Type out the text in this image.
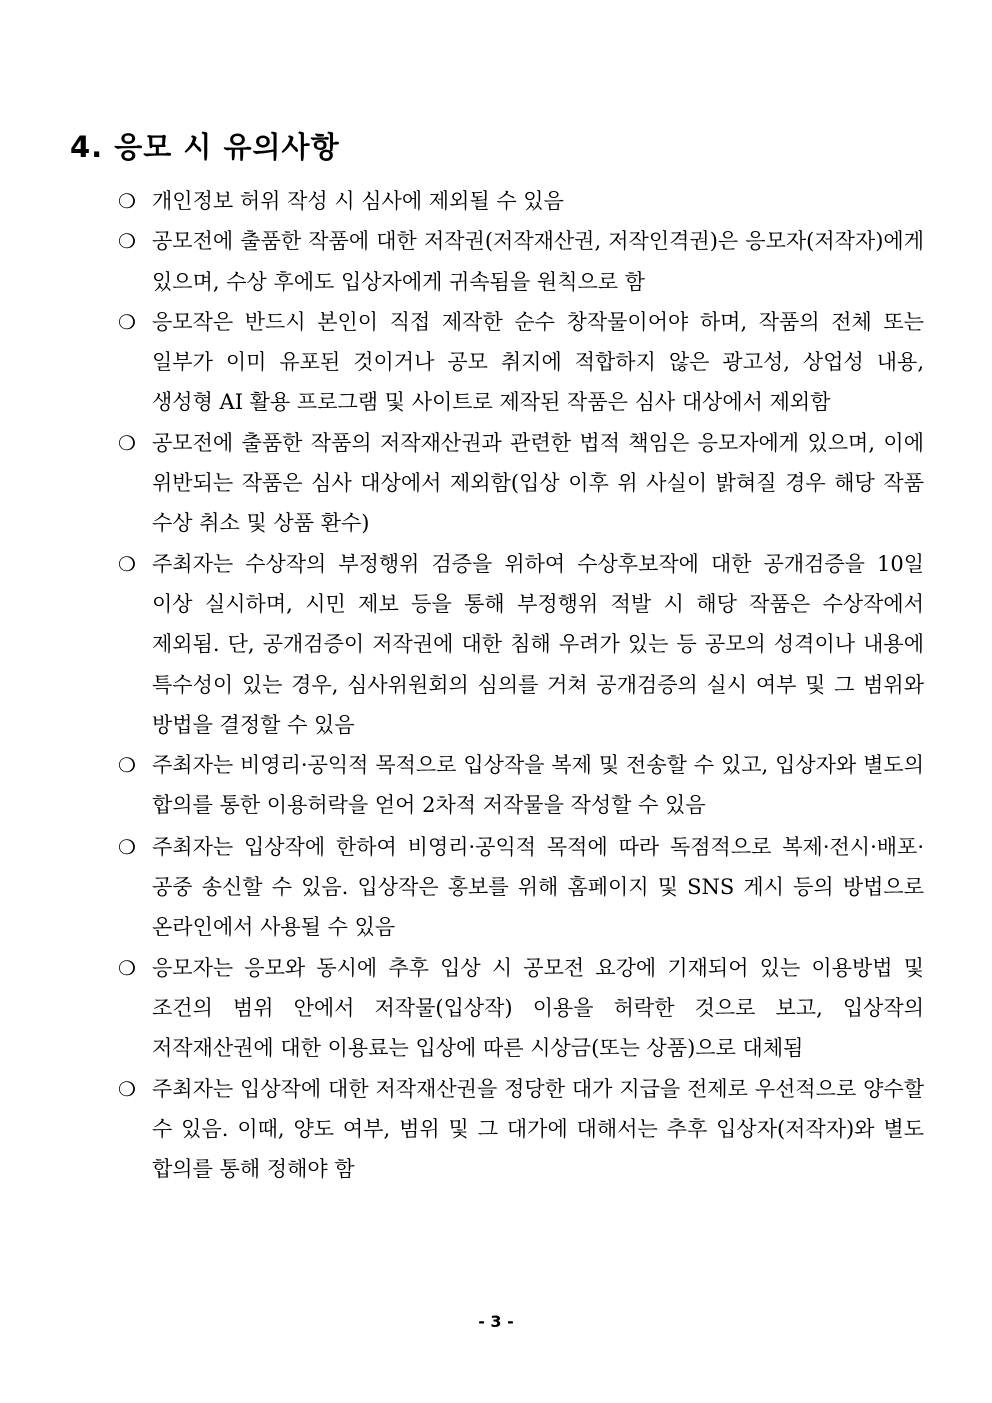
4. 응모 시 유의사항
❍ 개인정보 허위 작성 시 심사에 제외될 수 있음
❍ 공모전에 출품한 작품에 대한 저작권(저작재산권, 저작인격권)은 응모자(저작자)에게 있으며, 수상 후에도 입상자에게 귀속됨을 원칙으로 함
❍ 응모작은 반드시 본인이 직접 제작한 순수 창작물이어야 하며, 작품의 전체 또는 일부가 이미 유포된 것이거나 공모 취지에 적합하지 않은 광고성, 상업성 내용, 생성형 AI 활용 프로그램 및 사이트로 제작된 작품은 심사 대상에서 제외함
❍ 공모전에 출품한 작품의 저작재산권과 관련한 법적 책임은 응모자에게 있으며, 이에 위반되는 작품은 심사 대상에서 제외함(입상 이후 위 사실이 밝혀질 경우 해당 작품 수상 취소 및 상품 환수)
❍ 주최자는 수상작의 부정행위 검증을 위하여 수상후보작에 대한 공개검증을 10일 이상 실시하며, 시민 제보 등을 통해 부정행위 적발 시 해당 작품은 수상작에서 제외됨. 단, 공개검증이 저작권에 대한 침해 우려가 있는 등 공모의 성격이나 내용에 특수성이 있는 경우, 심사위원회의 심의를 거쳐 공개검증의 실시 여부 및 그 범위와 방법을 결정할 수 있음
❍ 주최자는 비영리·공익적 목적으로 입상작을 복제 및 전송할 수 있고, 입상자와 별도의 합의를 통한 이용허락을 얻어 2차적 저작물을 작성할 수 있음
❍ 주최자는 입상작에 한하여 비영리·공익적 목적에 따라 독점적으로 복제·전시·배포·공중 송신할 수 있음. 입상작은 홍보를 위해 홈페이지 및 SNS 게시 등의 방법으로 온라인에서 사용될 수 있음
❍ 응모자는 응모와 동시에 추후 입상 시 공모전 요강에 기재되어 있는 이용방법 및 조건의 범위 안에서 저작물(입상작) 이용을 허락한 것으로 보고, 입상작의 저작재산권에 대한 이용료는 입상에 따른 시상금(또는 상품)으로 대체됨
❍ 주최자는 입상작에 대한 저작재산권을 정당한 대가 지급을 전제로 우선적으로 양수할 수 있음. 이때, 양도 여부, 범위 및 그 대가에 대해서는 추후 입상자(저작자)와 별도 합의를 통해 정해야 함
- 3 -
